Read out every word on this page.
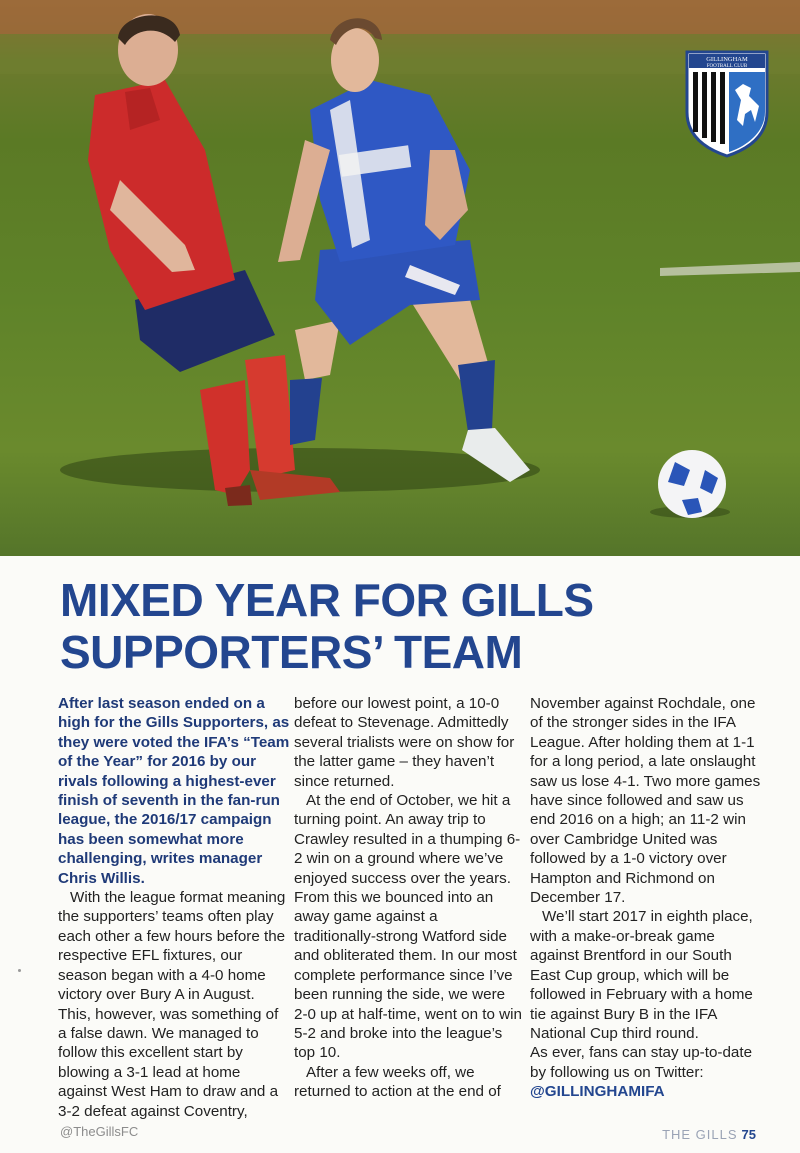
GILLINGHAM
FOOTBALL CLUB
MIXED YEAR FOR GILLS
SUPPORTERS’ TEAM

After last season ended on a high for the Gills Supporters, as they were voted the IFA’s “Team of the Year” for 2016 by our rivals following a highest-ever finish of seventh in the fan-run league, the 2016/17 campaign has been somewhat more challenging, writes manager Chris Willis.

With the league format meaning the supporters’ teams often play each other a few hours before the respective EFL fixtures, our season began with a 4-0 home victory over Bury A in August. This, however, was something of a false dawn. We managed to follow this excellent start by blowing a 3-1 lead at home against West Ham to draw and a 3-2 defeat against Coventry,

before our lowest point, a 10-0 defeat to Stevenage. Admittedly several trialists were on show for the latter game – they haven’t since returned.

At the end of October, we hit a turning point. An away trip to Crawley resulted in a thumping 6-2 win on a ground where we’ve enjoyed success over the years. From this we bounced into an away game against a traditionally-strong Watford side and obliterated them. In our most complete performance since I’ve been running the side, we were 2-0 up at half-time, went on to win 5-2 and broke into the league’s top 10.

After a few weeks off, we returned to action at the end of

November against Rochdale, one of the stronger sides in the IFA League. After holding them at 1-1 for a long period, a late onslaught saw us lose 4-1. Two more games have since followed and saw us end 2016 on a high; an 11-2 win over Cambridge United was followed by a 1-0 victory over Hampton and Richmond on December 17.

We’ll start 2017 in eighth place, with a make-or-break game against Brentford in our South East Cup group, which will be followed in February with a home tie against Bury B in the IFA National Cup third round.

As ever, fans can stay up-to-date by following us on Twitter:

@GILLINGHAMIFA

@TheGillsFC	THE GILLS 75
